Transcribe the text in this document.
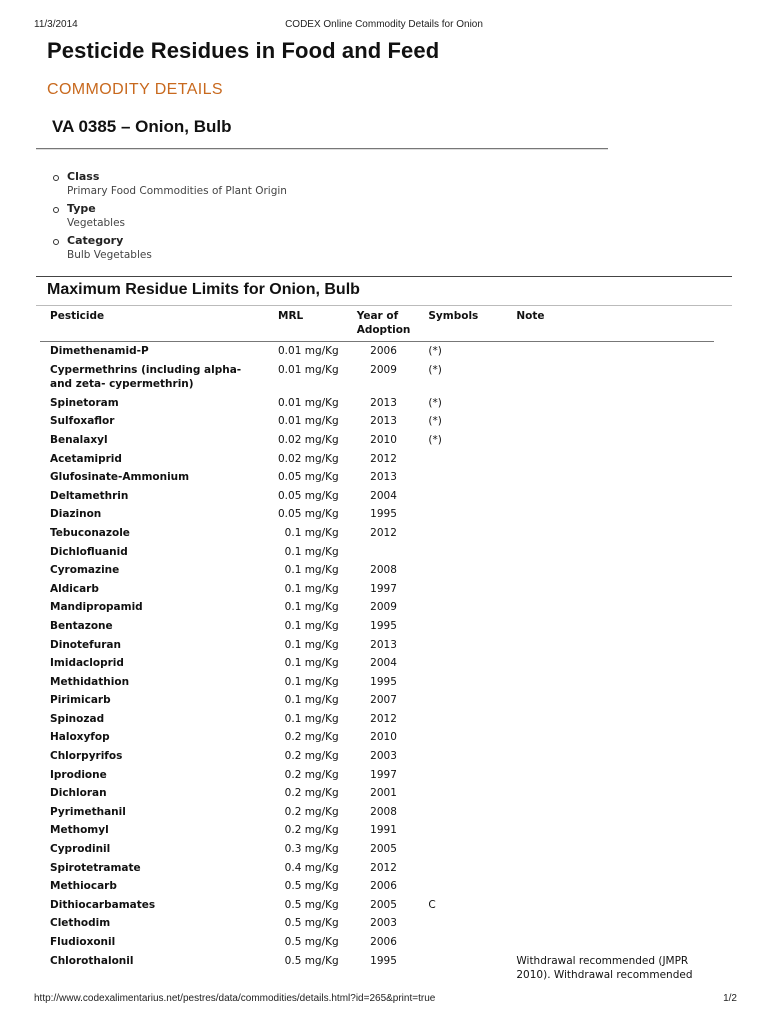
11/3/2014	CODEX Online Commodity Details for Onion
Pesticide Residues in Food and Feed
COMMODITY DETAILS
VA 0385 – Onion, Bulb
Class
Primary Food Commodities of Plant Origin
Type
Vegetables
Category
Bulb Vegetables
Maximum Residue Limits for Onion, Bulb
Pesticide	MRL	Year of Adoption	Symbols	Note
Dimethenamid-P	0.01 mg/Kg	2006	(*)	
Cypermethrins (including alpha- and zeta- cypermethrin)	0.01 mg/Kg	2009	(*)	
Spinetoram	0.01 mg/Kg	2013	(*)	
Sulfoxaflor	0.01 mg/Kg	2013	(*)	
Benalaxyl	0.02 mg/Kg	2010	(*)	
Acetamiprid	0.02 mg/Kg	2012		
Glufosinate-Ammonium	0.05 mg/Kg	2013		
Deltamethrin	0.05 mg/Kg	2004		
Diazinon	0.05 mg/Kg	1995		
Tebuconazole	0.1 mg/Kg	2012		
Dichlofluanid	0.1 mg/Kg			
Cyromazine	0.1 mg/Kg	2008		
Aldicarb	0.1 mg/Kg	1997		
Mandipropamid	0.1 mg/Kg	2009		
Bentazone	0.1 mg/Kg	1995		
Dinotefuran	0.1 mg/Kg	2013		
Imidacloprid	0.1 mg/Kg	2004		
Methidathion	0.1 mg/Kg	1995		
Pirimicarb	0.1 mg/Kg	2007		
Spinozad	0.1 mg/Kg	2012		
Haloxyfop	0.2 mg/Kg	2010		
Chlorpyrifos	0.2 mg/Kg	2003		
Iprodione	0.2 mg/Kg	1997		
Dichloran	0.2 mg/Kg	2001		
Pyrimethanil	0.2 mg/Kg	2008		
Methomyl	0.2 mg/Kg	1991		
Cyprodinil	0.3 mg/Kg	2005		
Spirotetramate	0.4 mg/Kg	2012		
Methiocarb	0.5 mg/Kg	2006		
Dithiocarbamates	0.5 mg/Kg	2005	C	
Clethodim	0.5 mg/Kg	2003		
Fludioxonil	0.5 mg/Kg	2006		
Chlorothalonil	0.5 mg/Kg	1995		Withdrawal recommended (JMPR 2010). Withdrawal recommended
http://www.codexalimentarius.net/pestres/data/commodities/details.html?id=265&print=true	1/2
